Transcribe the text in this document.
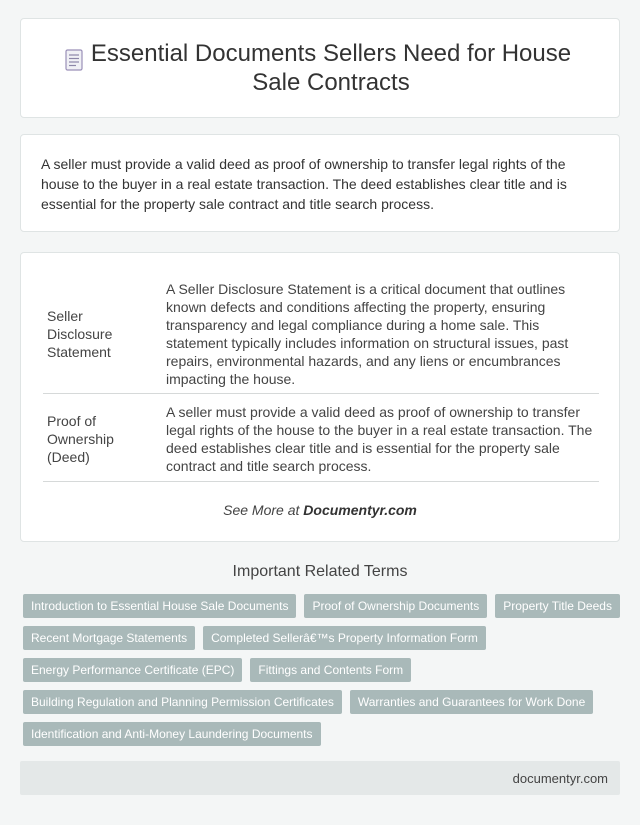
Essential Documents Sellers Need for House Sale Contracts

A seller must provide a valid deed as proof of ownership to transfer legal rights of the house to the buyer in a real estate transaction. The deed establishes clear title and is essential for the property sale contract and title search process.

Seller Disclosure Statement
A Seller Disclosure Statement is a critical document that outlines known defects and conditions affecting the property, ensuring transparency and legal compliance during a home sale. This statement typically includes information on structural issues, past repairs, environmental hazards, and any liens or encumbrances impacting the house.
Proof of Ownership (Deed)
A seller must provide a valid deed as proof of ownership to transfer legal rights of the house to the buyer in a real estate transaction. The deed establishes clear title and is essential for the property sale contract and title search process.
See More at Documentyr.com
Important Related Terms
Introduction to Essential House Sale Documents	Proof of Ownership Documents	Property Title Deeds
Recent Mortgage Statements	Completed Sellerâ€™s Property Information Form
Energy Performance Certificate (EPC)	Fittings and Contents Form
Building Regulation and Planning Permission Certificates	Warranties and Guarantees for Work Done
Identification and Anti-Money Laundering Documents
documentyr.com
